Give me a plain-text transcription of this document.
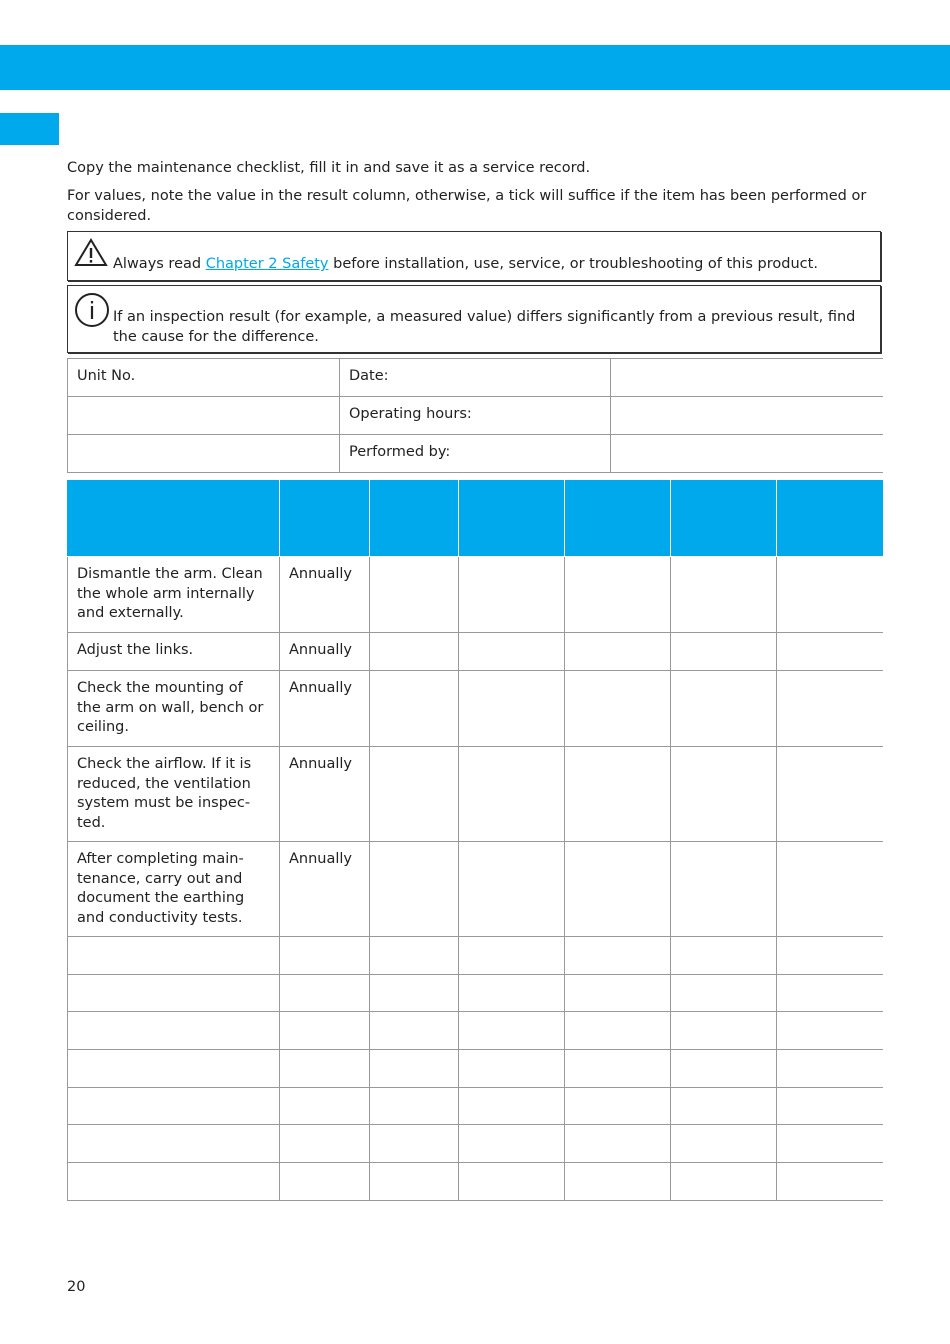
Copy the maintenance checklist, fill it in and save it as a service record.

For values, note the value in the result column, otherwise, a tick will suffice if the item has been performed or considered.

Always read Chapter 2 Safety before installation, use, service, or troubleshooting of this product.
If an inspection result (for example, a measured value) differs significantly from a previous result, find the cause for the difference.
Unit No.	Date:	
	Operating hours:	
	Performed by:	

Dismantle the arm. Clean the whole arm internally and externally.	Annually					
Adjust the links.	Annually					
Check the mounting of the arm on wall, bench or ceiling.	Annually					
Check the airflow. If it is reduced, the ventilation system must be inspected.	Annually					
After completing maintenance, carry out and document the earthing and conductivity tests.	Annually					

20
